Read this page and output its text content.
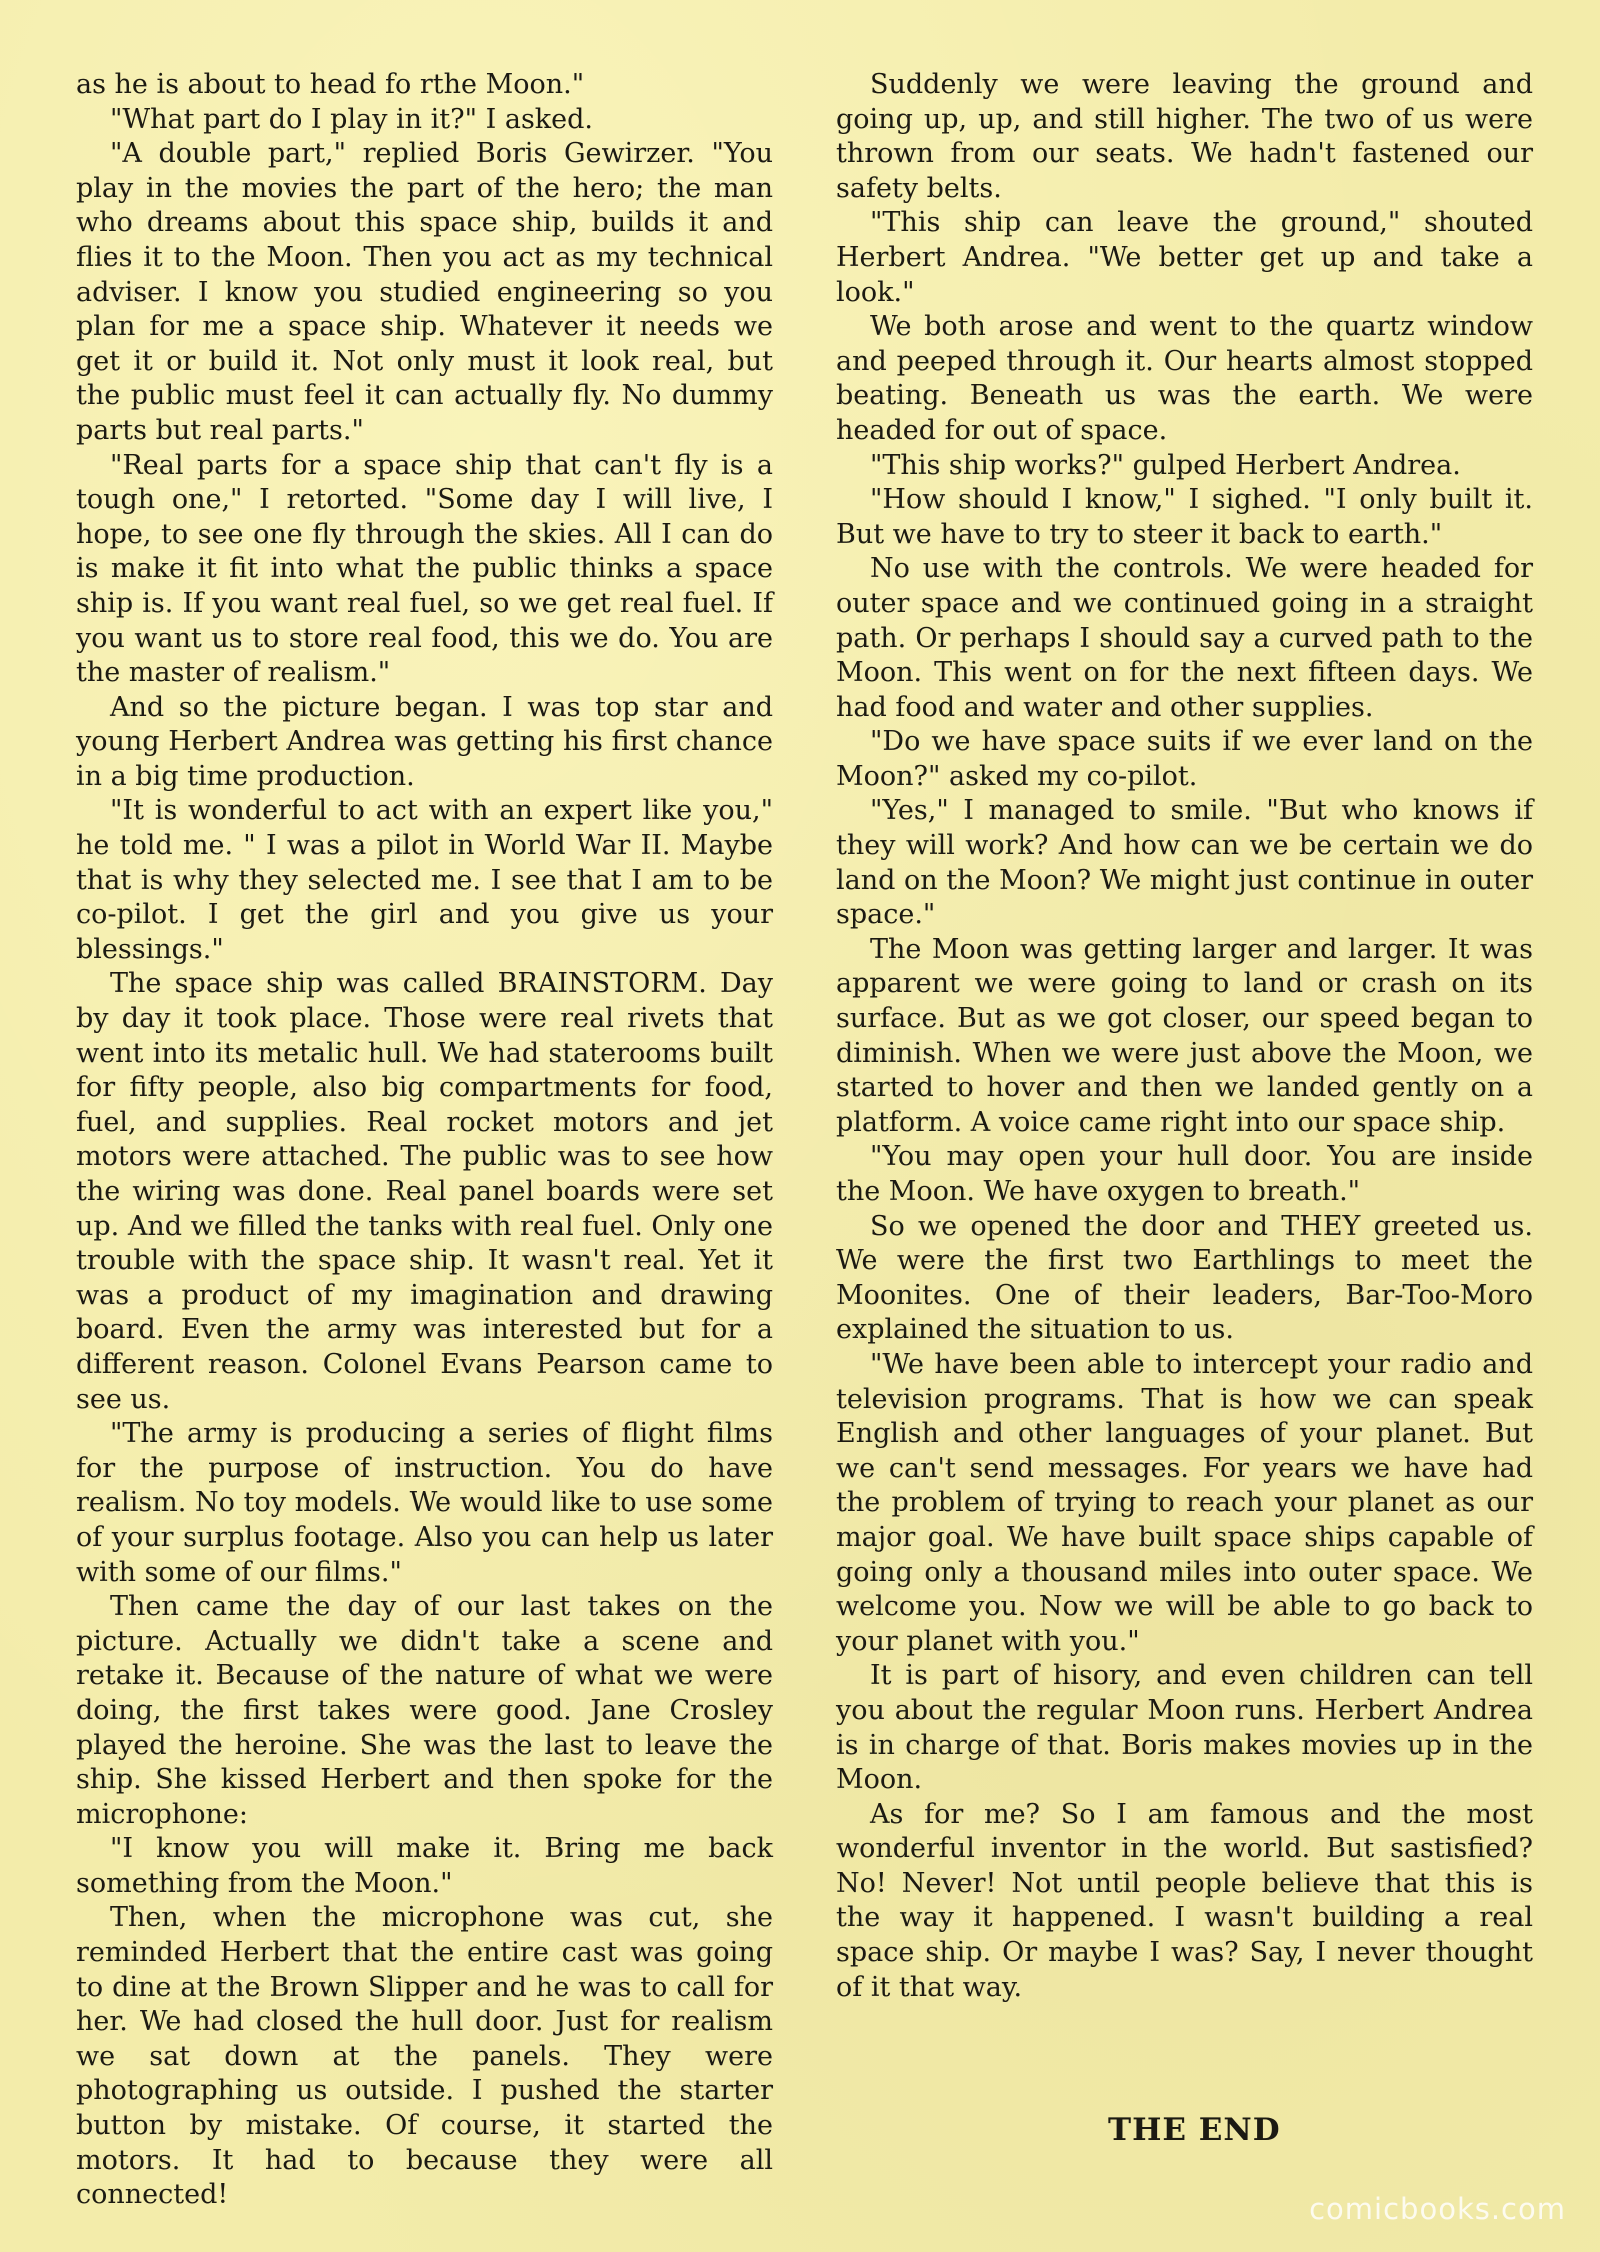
as he is about to head fo rthe Moon."

"What part do I play in it?" I asked.

"A double part," replied Boris Gewirzer. "You play in the movies the part of the hero; the man who dreams about this space ship, builds it and flies it to the Moon. Then you act as my technical adviser. I know you studied engineering so you plan for me a space ship. Whatever it needs we get it or build it. Not only must it look real, but the public must feel it can actually fly. No dummy parts but real parts."

"Real parts for a space ship that can't fly is a tough one," I retorted. "Some day I will live, I hope, to see one fly through the skies. All I can do is make it fit into what the public thinks a space ship is. If you want real fuel, so we get real fuel. If you want us to store real food, this we do. You are the master of realism."

And so the picture began. I was top star and young Herbert Andrea was getting his first chance in a big time production.

"It is wonderful to act with an expert like you," he told me. " I was a pilot in World War II. Maybe that is why they selected me. I see that I am to be co-pilot. I get the girl and you give us your blessings."

The space ship was called BRAINSTORM. Day by day it took place. Those were real rivets that went into its metalic hull. We had staterooms built for fifty people, also big compartments for food, fuel, and supplies. Real rocket motors and jet motors were attached. The public was to see how the wiring was done. Real panel boards were set up. And we filled the tanks with real fuel. Only one trouble with the space ship. It wasn't real. Yet it was a product of my imagination and drawing board. Even the army was interested but for a different reason. Colonel Evans Pearson came to see us.

"The army is producing a series of flight films for the purpose of instruction. You do have realism. No toy models. We would like to use some of your surplus footage. Also you can help us later with some of our films."

Then came the day of our last takes on the picture. Actually we didn't take a scene and retake it. Because of the nature of what we were doing, the first takes were good. Jane Crosley played the heroine. She was the last to leave the ship. She kissed Herbert and then spoke for the microphone:

"I know you will make it. Bring me back something from the Moon."

Then, when the microphone was cut, she reminded Herbert that the entire cast was going to dine at the Brown Slipper and he was to call for her. We had closed the hull door. Just for realism we sat down at the panels. They were photographing us outside. I pushed the starter button by mistake. Of course, it started the motors. It had to because they were all connected!

Suddenly we were leaving the ground and going up, up, and still higher. The two of us were thrown from our seats. We hadn't fastened our safety belts.

"This ship can leave the ground," shouted Herbert Andrea. "We better get up and take a look."

We both arose and went to the quartz window and peeped through it. Our hearts almost stopped beating. Beneath us was the earth. We were headed for out of space.

"This ship works?" gulped Herbert Andrea.

"How should I know," I sighed. "I only built it. But we have to try to steer it back to earth."

No use with the controls. We were headed for outer space and we continued going in a straight path. Or perhaps I should say a curved path to the Moon. This went on for the next fifteen days. We had food and water and other supplies.

"Do we have space suits if we ever land on the Moon?" asked my co-pilot.

"Yes," I managed to smile. "But who knows if they will work? And how can we be certain we do land on the Moon? We might just continue in outer space."

The Moon was getting larger and larger. It was apparent we were going to land or crash on its surface. But as we got closer, our speed began to diminish. When we were just above the Moon, we started to hover and then we landed gently on a platform. A voice came right into our space ship.

"You may open your hull door. You are inside the Moon. We have oxygen to breath."

So we opened the door and THEY greeted us. We were the first two Earthlings to meet the Moonites. One of their leaders, Bar-Too-Moro explained the situation to us.

"We have been able to intercept your radio and television programs. That is how we can speak English and other languages of your planet. But we can't send messages. For years we have had the problem of trying to reach your planet as our major goal. We have built space ships capable of going only a thousand miles into outer space. We welcome you. Now we will be able to go back to your planet with you."

It is part of hisory, and even children can tell you about the regular Moon runs. Herbert Andrea is in charge of that. Boris makes movies up in the Moon.

As for me? So I am famous and the most wonderful inventor in the world. But sastisfied? No! Never! Not until people believe that this is the way it happened. I wasn't building a real space ship. Or maybe I was? Say, I never thought of it that way.

THE END
comicbooks.com
